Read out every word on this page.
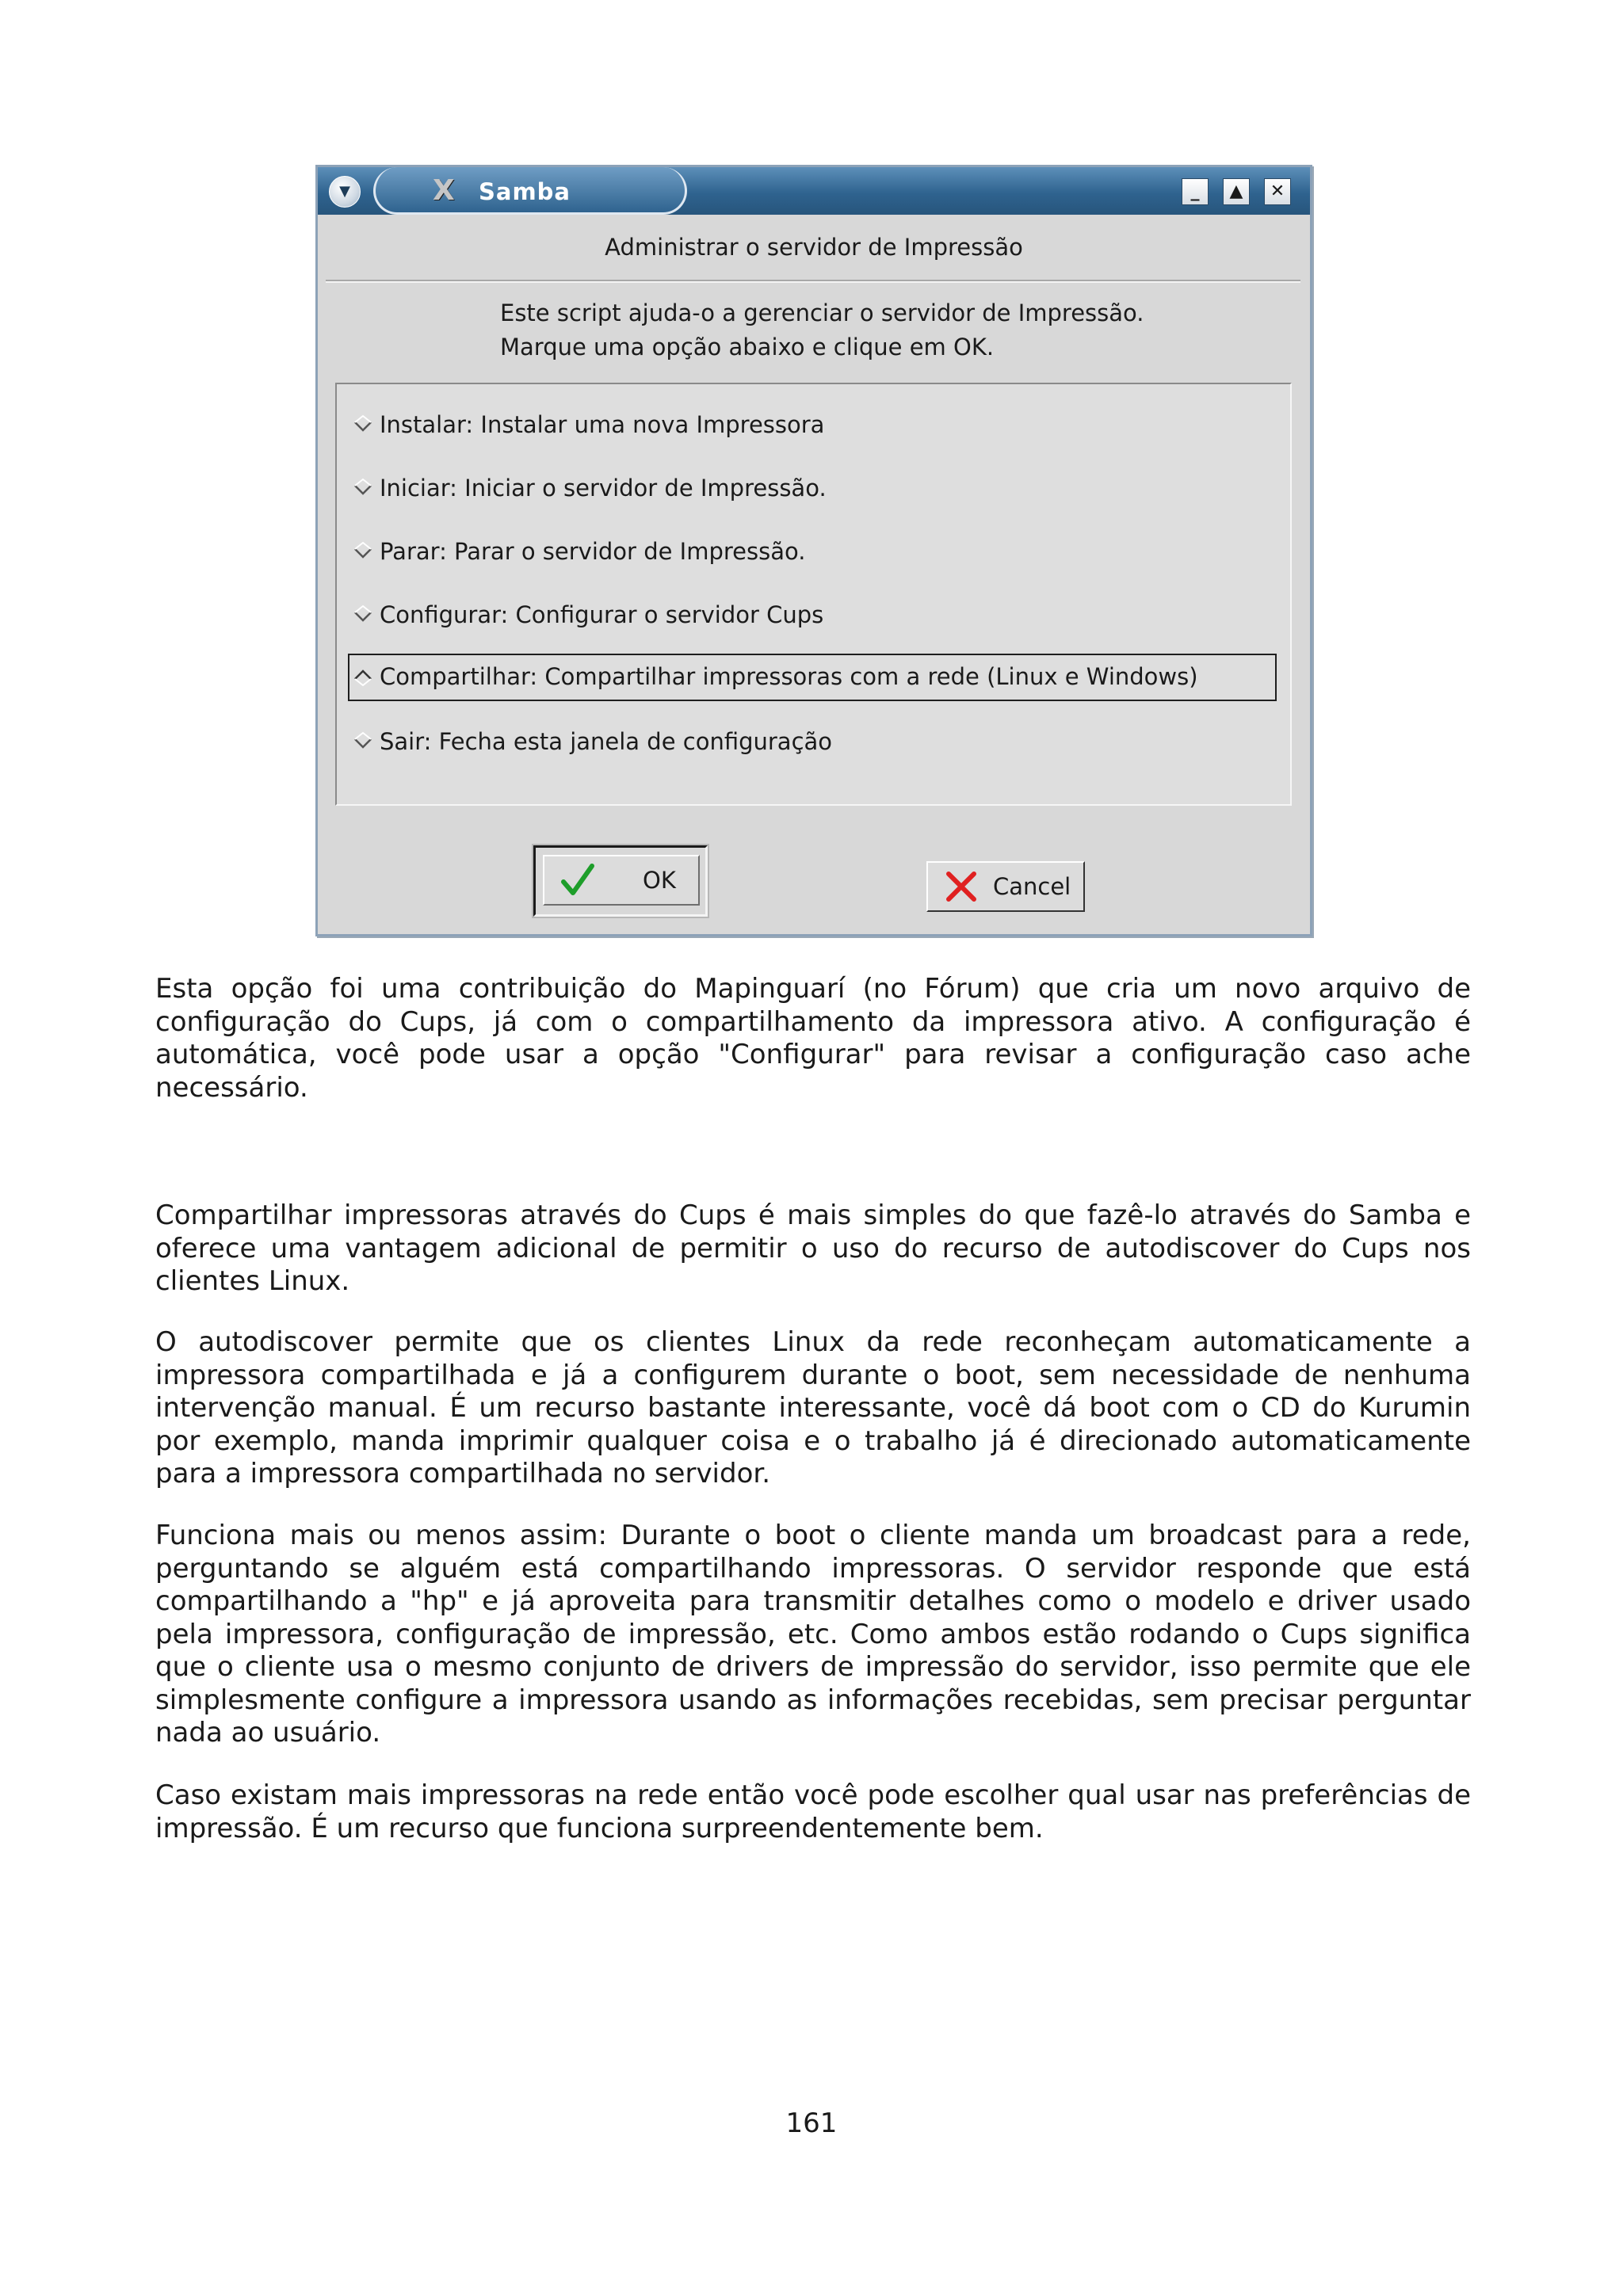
▼	X Samba	_	▲	✕
Administrar o servidor de Impressão
Este script ajuda-o a gerenciar o servidor de Impressão.
Marque uma opção abaixo e clique em OK.
Instalar: Instalar uma nova Impressora
Iniciar: Iniciar o servidor de Impressão.
Parar: Parar o servidor de Impressão.
Configurar: Configurar o servidor Cups
Compartilhar: Compartilhar impressoras com a rede (Linux e Windows)
Sair: Fecha esta janela de configuração
OK	Cancel

Esta opção foi uma contribuição do Mapinguarí (no Fórum) que cria um novo arquivo de configuração do Cups, já com o compartilhamento da impressora ativo. A configuração é automática, você pode usar a opção "Configurar" para revisar a configuração caso ache necessário.

Compartilhar impressoras através do Cups é mais simples do que fazê-lo através do Samba e oferece uma vantagem adicional de permitir o uso do recurso de autodiscover do Cups nos clientes Linux.

O autodiscover permite que os clientes Linux da rede reconheçam automaticamente a impressora compartilhada e já a configurem durante o boot, sem necessidade de nenhuma intervenção manual. É um recurso bastante interessante, você dá boot com o CD do Kurumin por exemplo, manda imprimir qualquer coisa e o trabalho já é direcionado automaticamente para a impressora compartilhada no servidor.

Funciona mais ou menos assim: Durante o boot o cliente manda um broadcast para a rede, perguntando se alguém está compartilhando impressoras. O servidor responde que está compartilhando a "hp" e já aproveita para transmitir detalhes como o modelo e driver usado pela impressora, configuração de impressão, etc. Como ambos estão rodando o Cups significa que o cliente usa o mesmo conjunto de drivers de impressão do servidor, isso permite que ele simplesmente configure a impressora usando as informações recebidas, sem precisar perguntar nada ao usuário.

Caso existam mais impressoras na rede então você pode escolher qual usar nas preferências de impressão. É um recurso que funciona surpreendentemente bem.

161
